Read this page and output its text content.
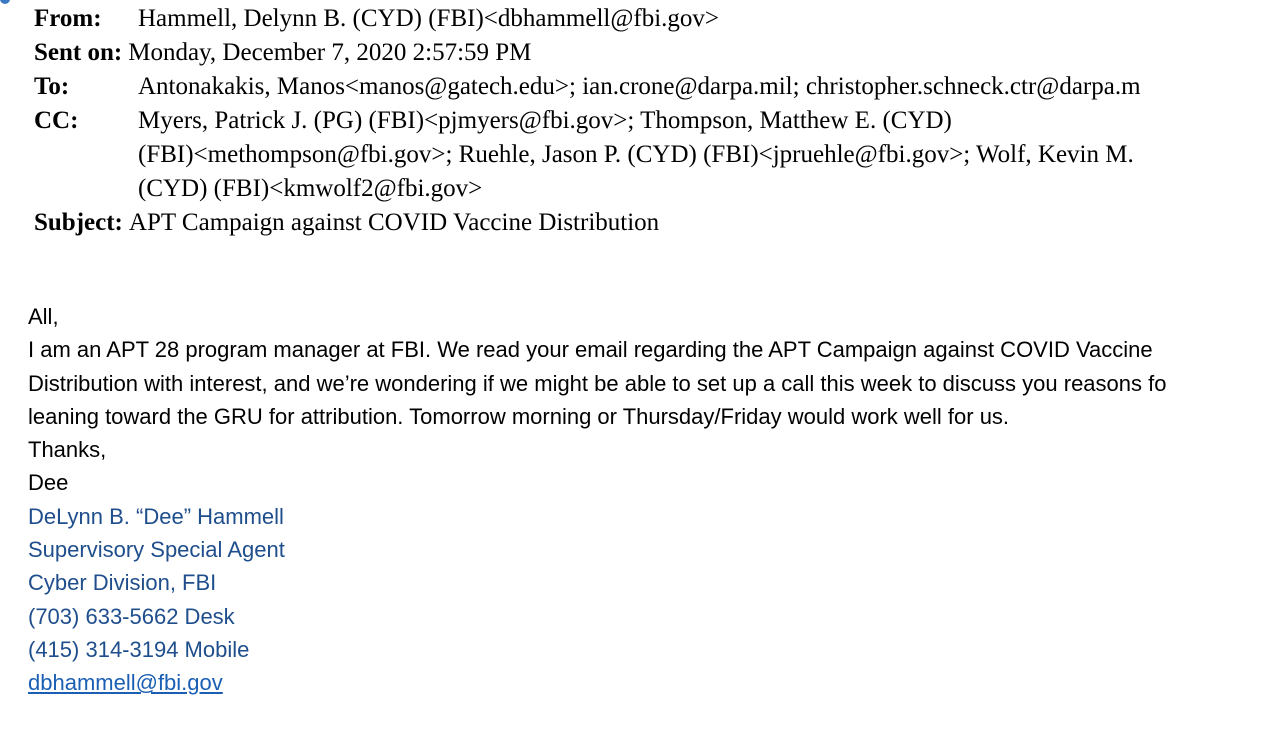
From:	Hammell, Delynn B. (CYD) (FBI)<dbhammell@fbi.gov>
Sent on: Monday, December 7, 2020 2:57:59 PM
To:	Antonakakis, Manos<manos@gatech.edu>; ian.crone@darpa.mil; christopher.schneck.ctr@darpa.m
CC:	Myers, Patrick J. (PG) (FBI)<pjmyers@fbi.gov>; Thompson, Matthew E. (CYD)
(FBI)<methompson@fbi.gov>; Ruehle, Jason P. (CYD) (FBI)<jpruehle@fbi.gov>; Wolf, Kevin M.
(CYD) (FBI)<kmwolf2@fbi.gov>
Subject: APT Campaign against COVID Vaccine Distribution
All,
I am an APT 28 program manager at FBI. We read your email regarding the APT Campaign against COVID Vaccine
Distribution with interest, and we’re wondering if we might be able to set up a call this week to discuss you reasons fo
leaning toward the GRU for attribution. Tomorrow morning or Thursday/Friday would work well for us.
Thanks,
Dee
DeLynn B. “Dee” Hammell
Supervisory Special Agent
Cyber Division, FBI
(703) 633-5662 Desk
(415) 314-3194 Mobile
dbhammell@fbi.gov
